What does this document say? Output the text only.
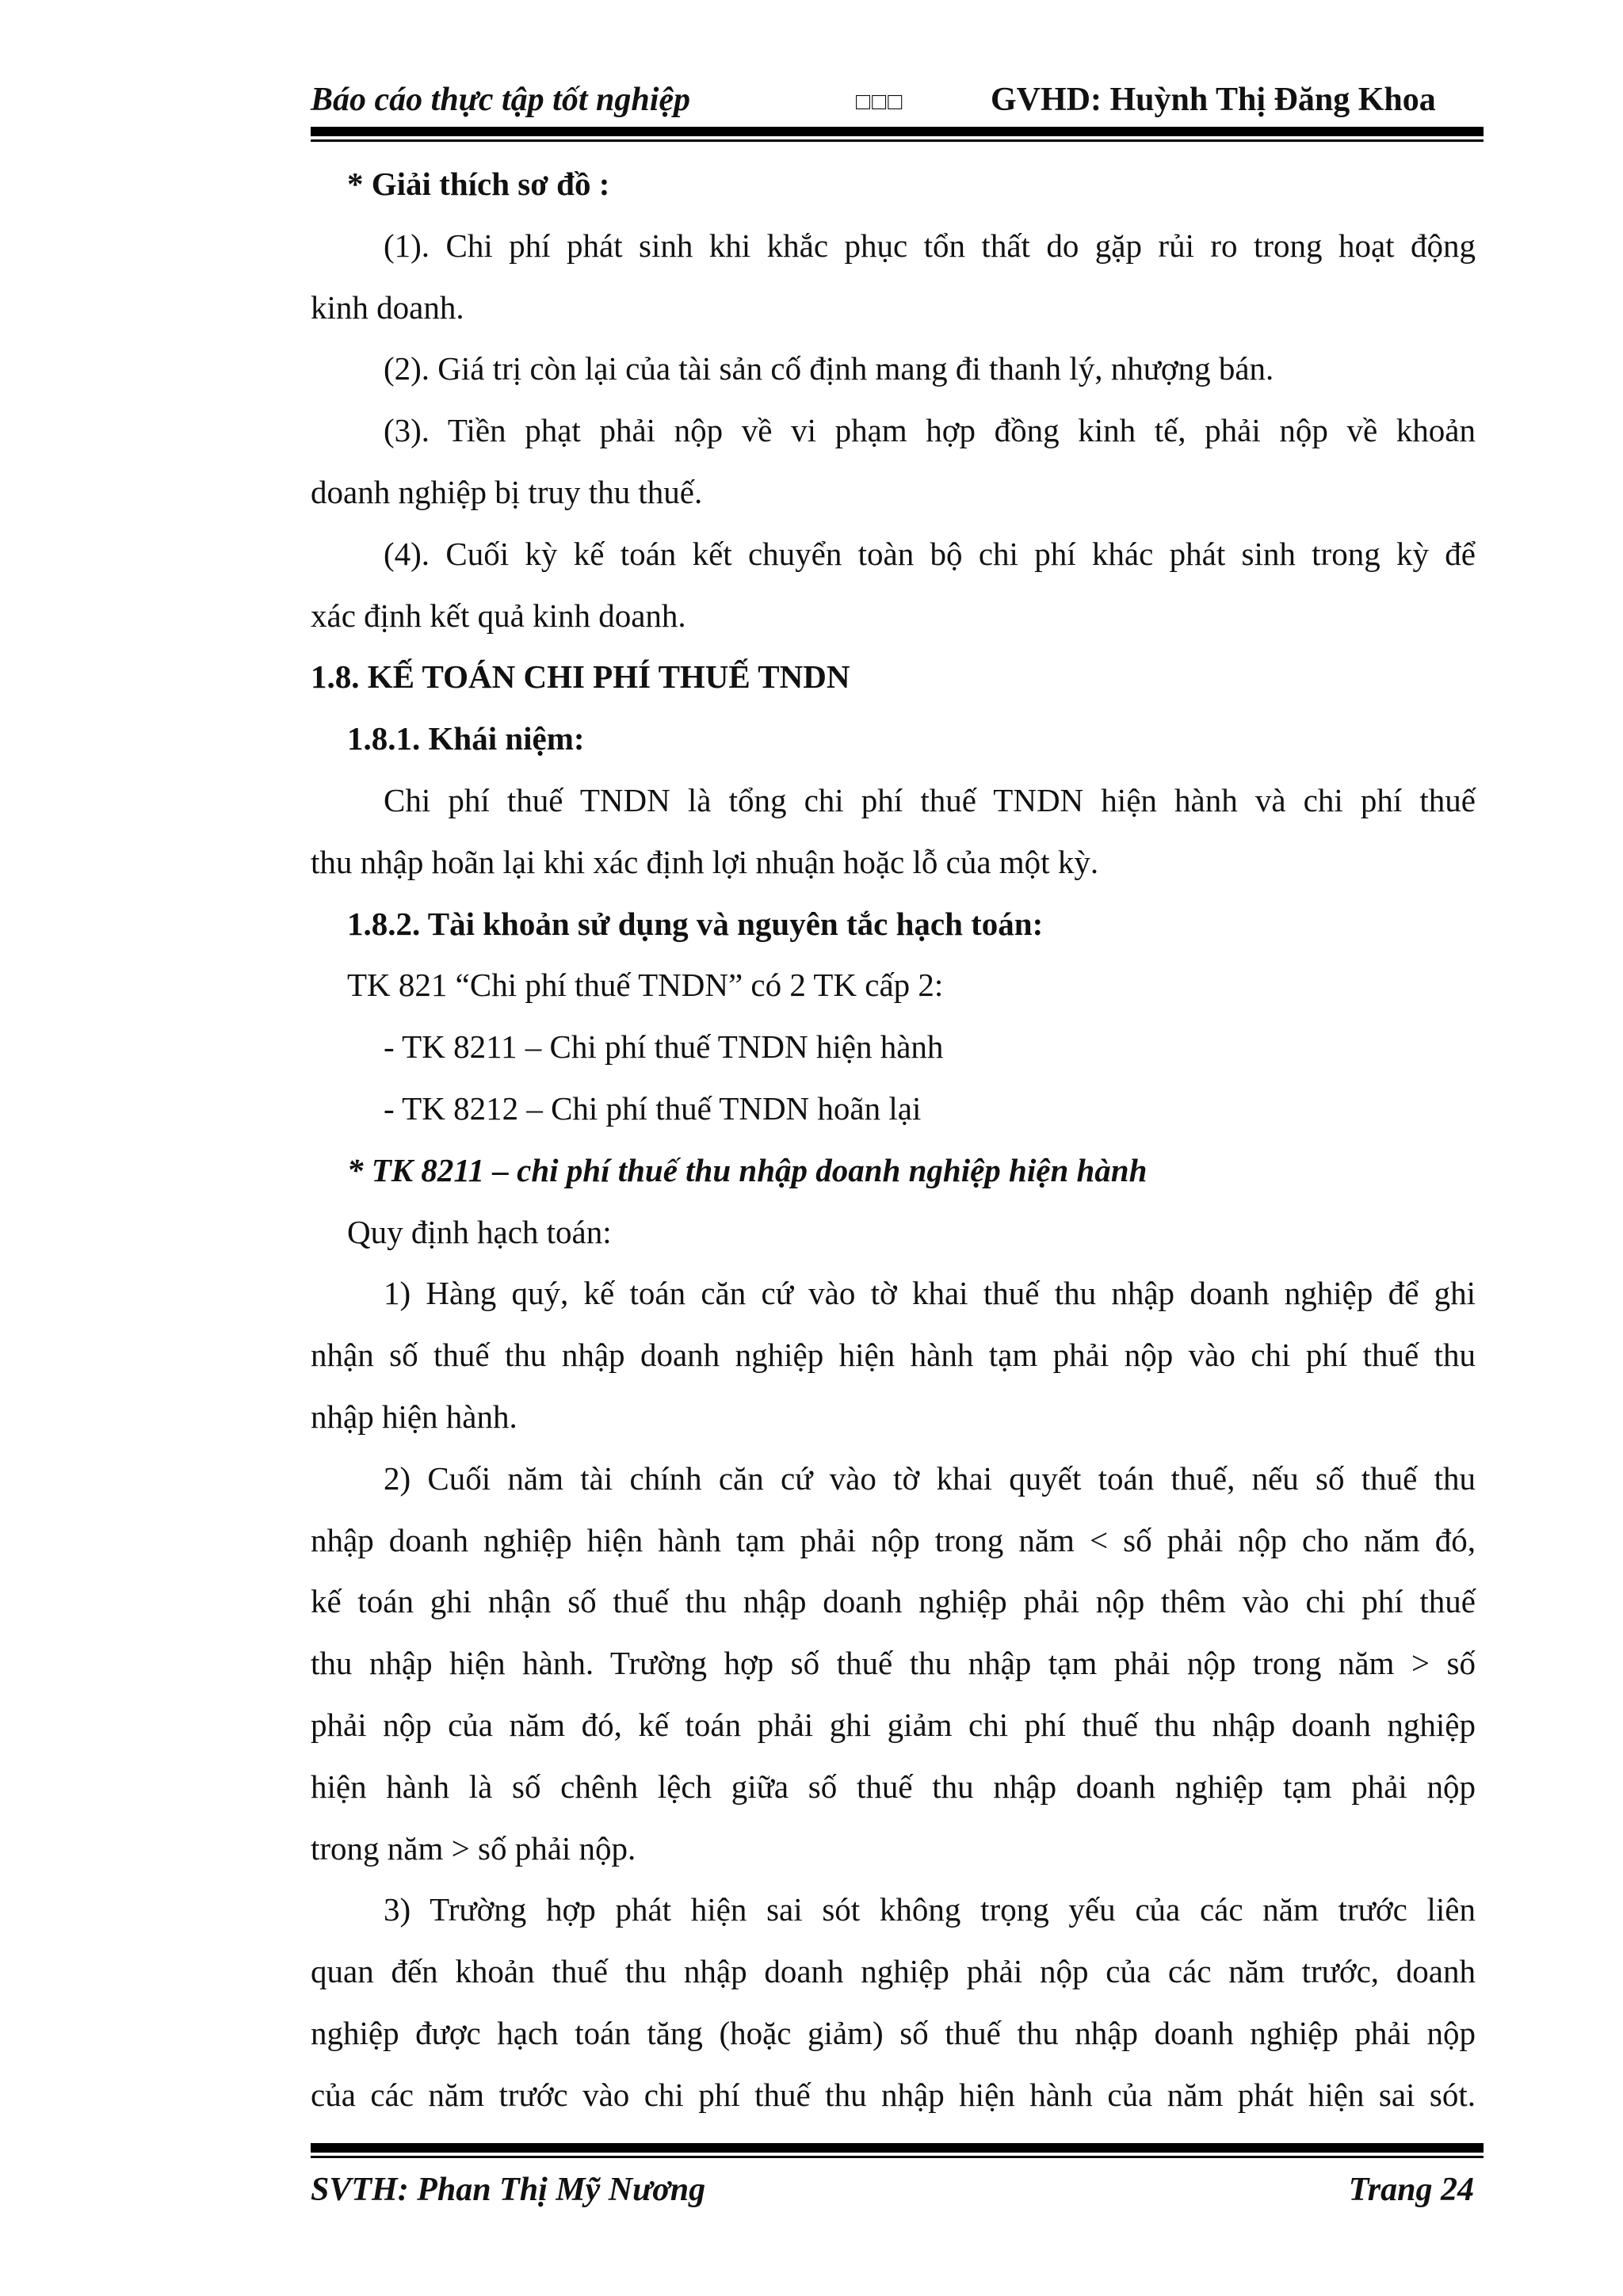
Báo cáo thực tập tốt nghiệp	□□□	GVHD: Huỳnh Thị Đăng Khoa
* Giải thích sơ đồ :
(1). Chi phí phát sinh khi khắc phục tổn thất do gặp rủi ro trong hoạt động
kinh doanh.
(2). Giá trị còn lại của tài sản cố định mang đi thanh lý, nhượng bán.
(3). Tiền phạt phải nộp về vi phạm hợp đồng kinh tế, phải nộp về khoản
doanh nghiệp bị truy thu thuế.
(4). Cuối kỳ kế toán kết chuyển toàn bộ chi phí khác phát sinh trong kỳ để
xác định kết quả kinh doanh.
1.8. KẾ TOÁN CHI PHÍ THUẾ TNDN
1.8.1. Khái niệm:
Chi phí thuế TNDN là tổng chi phí thuế TNDN hiện hành và chi phí thuế
thu nhập hoãn lại khi xác định lợi nhuận hoặc lỗ của một kỳ.
1.8.2. Tài khoản sử dụng và nguyên tắc hạch toán:
TK 821 “Chi phí thuế TNDN” có 2 TK cấp 2:
- TK 8211 – Chi phí thuế TNDN hiện hành
- TK 8212 – Chi phí thuế TNDN hoãn lại
* TK 8211 – chi phí thuế thu nhập doanh nghiệp hiện hành
Quy định hạch toán:
1) Hàng quý, kế toán căn cứ vào tờ khai thuế thu nhập doanh nghiệp để ghi
nhận số thuế thu nhập doanh nghiệp hiện hành tạm phải nộp vào chi phí thuế thu
nhập hiện hành.
2) Cuối năm tài chính căn cứ vào tờ khai quyết toán thuế, nếu số thuế thu
nhập doanh nghiệp hiện hành tạm phải nộp trong năm < số phải nộp cho năm đó,
kế toán ghi nhận số thuế thu nhập doanh nghiệp phải nộp thêm vào chi phí thuế
thu nhập hiện hành. Trường hợp số thuế thu nhập tạm phải nộp trong năm > số
phải nộp của năm đó, kế toán phải ghi giảm chi phí thuế thu nhập doanh nghiệp
hiện hành là số chênh lệch giữa số thuế thu nhập doanh nghiệp tạm phải nộp
trong năm > số phải nộp.
3) Trường hợp phát hiện sai sót không trọng yếu của các năm trước liên
quan đến khoản thuế thu nhập doanh nghiệp phải nộp của các năm trước, doanh
nghiệp được hạch toán tăng (hoặc giảm) số thuế thu nhập doanh nghiệp phải nộp
của các năm trước vào chi phí thuế thu nhập hiện hành của năm phát hiện sai sót.
SVTH: Phan Thị Mỹ Nương	Trang 24
